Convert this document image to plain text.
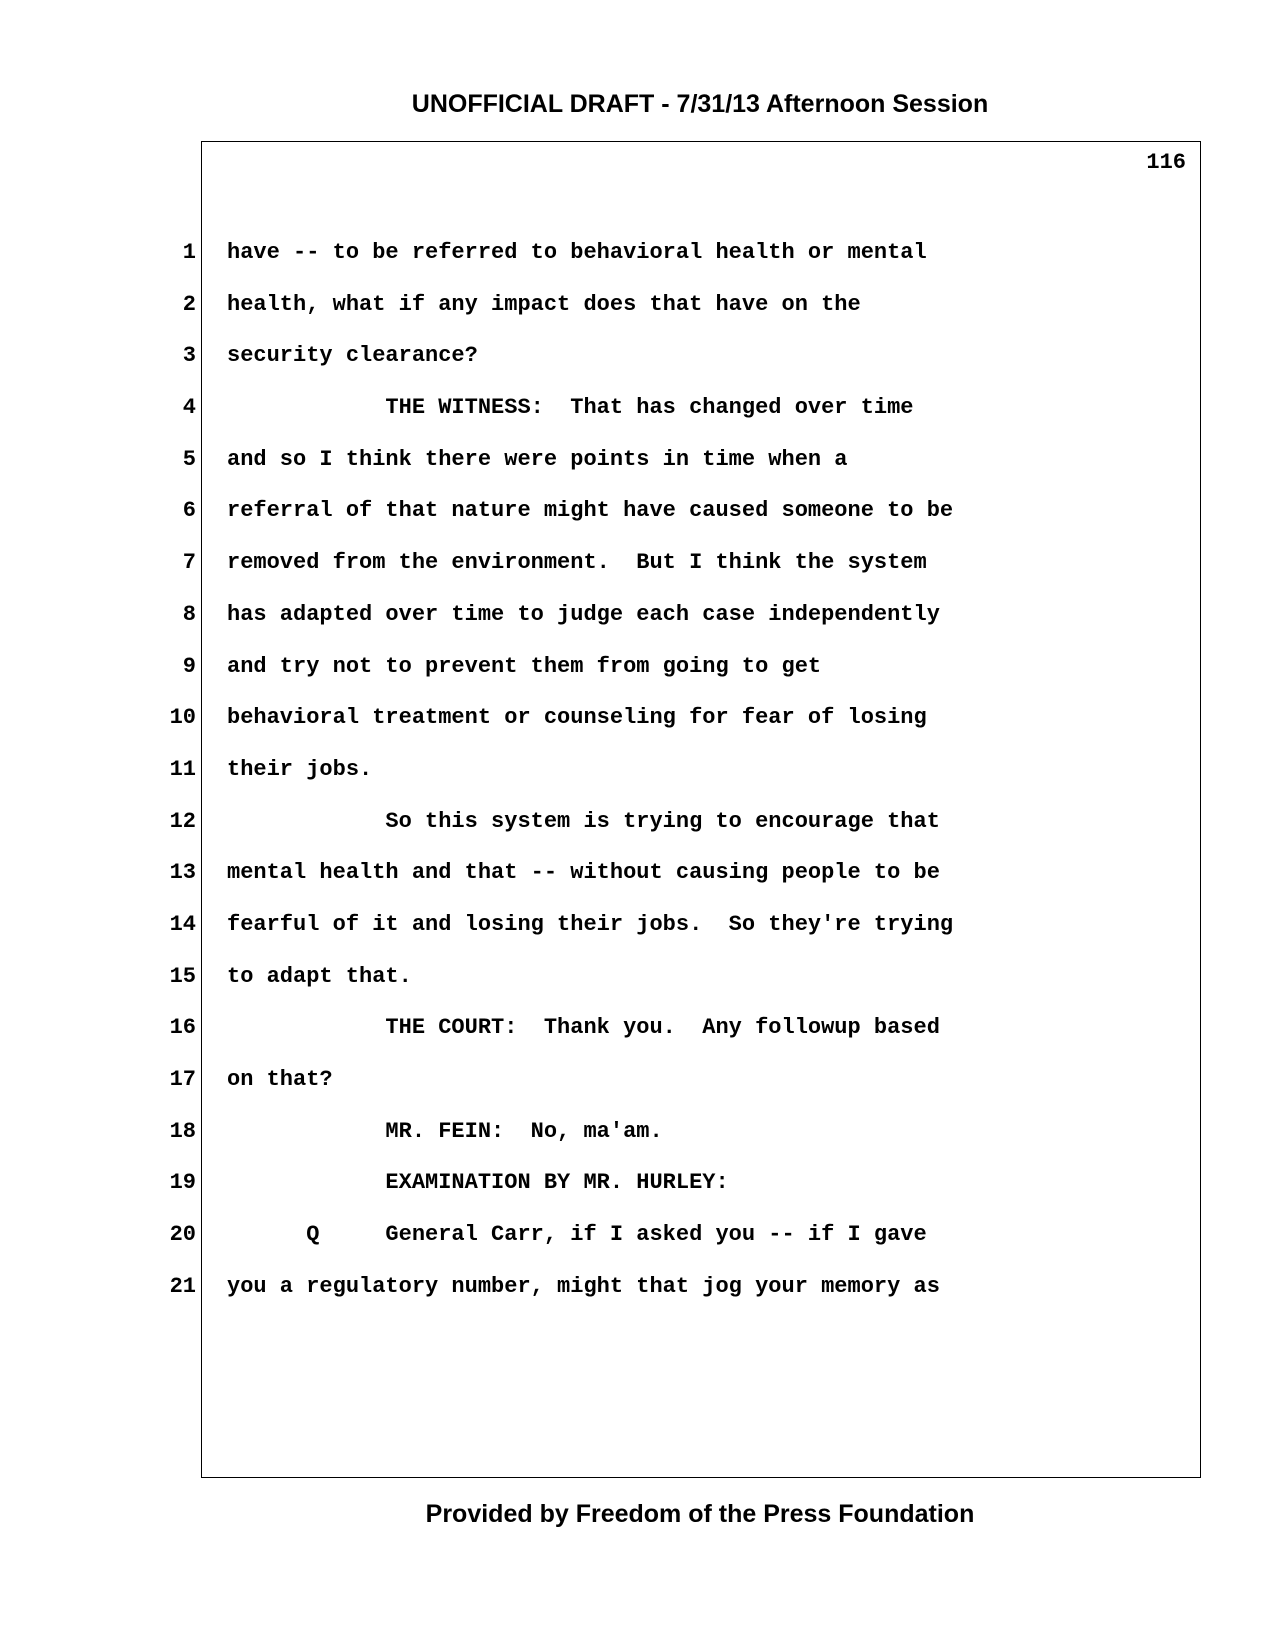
UNOFFICIAL DRAFT - 7/31/13 Afternoon Session
116
1
2
3
4
5
6
7
8
9
10
11
12
13
14
15
16
17
18
19
20
21
have -- to be referred to behavioral health or mental
health, what if any impact does that have on the
security clearance?
THE WITNESS:  That has changed over time
and so I think there were points in time when a
referral of that nature might have caused someone to be
removed from the environment.  But I think the system
has adapted over time to judge each case independently
and try not to prevent them from going to get
behavioral treatment or counseling for fear of losing
their jobs.
So this system is trying to encourage that
mental health and that -- without causing people to be
fearful of it and losing their jobs.  So they're trying
to adapt that.
THE COURT:  Thank you.  Any followup based
on that?
MR. FEIN:  No, ma'am.
EXAMINATION BY MR. HURLEY:
Q     General Carr, if I asked you -- if I gave
you a regulatory number, might that jog your memory as
Provided by Freedom of the Press Foundation
